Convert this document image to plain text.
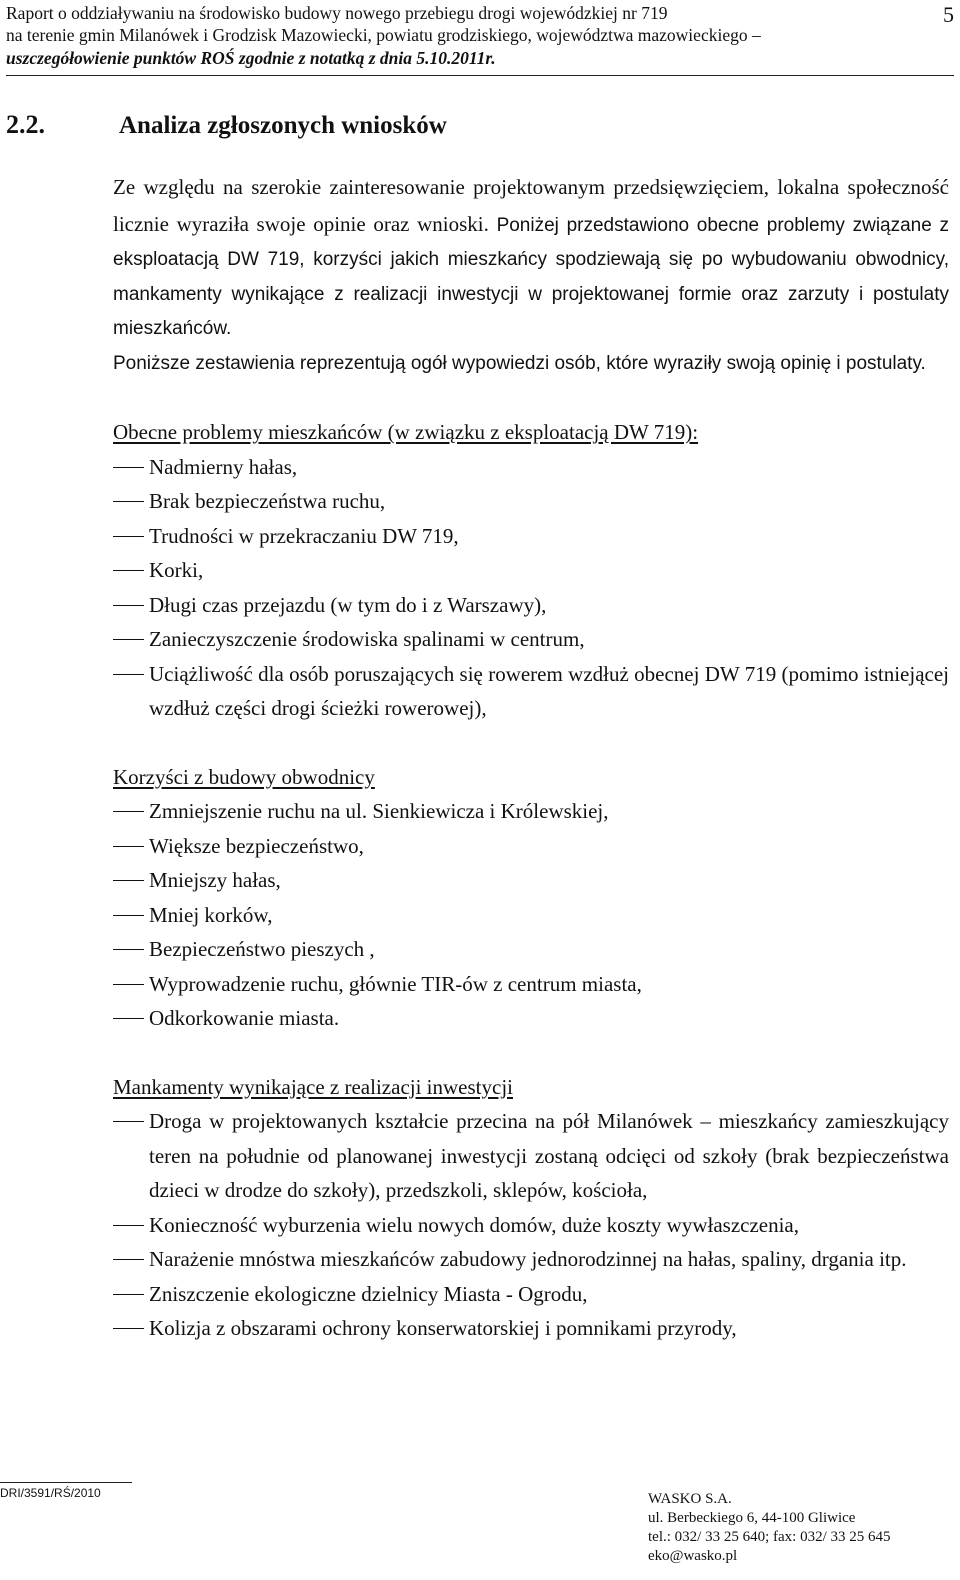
Raport o oddziaływaniu na środowisko budowy nowego przebiegu drogi wojewódzkiej nr 719
na terenie gmin Milanówek i Grodzisk Mazowiecki, powiatu grodziskiego, województwa mazowieckiego –
uszczegółowienie punktów ROŚ zgodnie z notatką z dnia 5.10.2011r.
5
2.2.	Analiza zgłoszonych wniosków

Ze względu na szerokie zainteresowanie projektowanym przedsięwzięciem, lokalna społeczność licznie wyraziła swoje opinie oraz wnioski. Poniżej przedstawiono obecne problemy związane z eksploatacją DW 719, korzyści jakich mieszkańcy spodziewają się po wybudowaniu obwodnicy, mankamenty wynikające z realizacji inwestycji w projektowanej formie oraz zarzuty i postulaty mieszkańców.

Poniższe zestawienia reprezentują ogół wypowiedzi osób, które wyraziły swoją opinię i postulaty.

Obecne problemy mieszkańców (w związku z eksploatacją DW 719):

Nadmierny hałas,
Brak bezpieczeństwa ruchu,
Trudności w przekraczaniu DW 719,
Korki,
Długi czas przejazdu (w tym do i z Warszawy),
Zanieczyszczenie środowiska spalinami w centrum,
Uciążliwość dla osób poruszających się rowerem wzdłuż obecnej DW 719 (pomimo istniejącej wzdłuż części drogi ścieżki rowerowej),

Korzyści z budowy obwodnicy

Zmniejszenie ruchu na ul. Sienkiewicza i Królewskiej,
Większe bezpieczeństwo,
Mniejszy hałas,
Mniej korków,
Bezpieczeństwo pieszych ,
Wyprowadzenie ruchu, głównie TIR-ów z centrum miasta,
Odkorkowanie miasta.

Mankamenty wynikające z realizacji inwestycji

Droga w projektowanych kształcie przecina na pół Milanówek – mieszkańcy zamieszkujący teren na południe od planowanej inwestycji zostaną odcięci od szkoły (brak bezpieczeństwa dzieci w drodze do szkoły), przedszkoli, sklepów, kościoła,
Konieczność wyburzenia wielu nowych domów, duże koszty wywłaszczenia,
Narażenie mnóstwa mieszkańców zabudowy jednorodzinnej na hałas, spaliny, drgania itp.
Zniszczenie ekologiczne dzielnicy Miasta - Ogrodu,
Kolizja z obszarami ochrony konserwatorskiej i pomnikami przyrody,
DRI/3591/RŚ/2010	WASKO S.A.
ul. Berbeckiego 6, 44-100 Gliwice
tel.: 032/ 33 25 640; fax: 032/ 33 25 645
eko@wasko.pl
